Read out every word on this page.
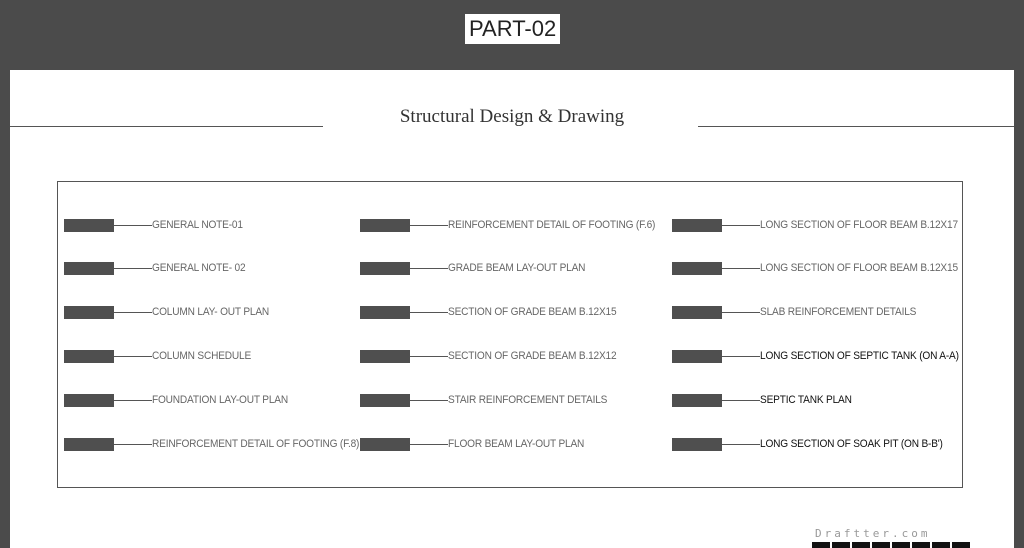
PART-02
Structural Design & Drawing
GENERAL NOTE-01
GENERAL NOTE- 02
COLUMN LAY- OUT PLAN
COLUMN SCHEDULE
FOUNDATION LAY-OUT PLAN
REINFORCEMENT DETAIL OF FOOTING (F.8)
REINFORCEMENT DETAIL OF FOOTING (F.6)
GRADE BEAM LAY-OUT PLAN
SECTION OF GRADE BEAM B.12X15
SECTION OF GRADE BEAM B.12X12
STAIR REINFORCEMENT DETAILS
FLOOR BEAM LAY-OUT PLAN
LONG SECTION OF FLOOR BEAM B.12X17
LONG SECTION OF FLOOR BEAM B.12X15
SLAB REINFORCEMENT DETAILS
LONG SECTION OF SEPTIC TANK (ON A-A)
SEPTIC TANK PLAN
LONG SECTION OF SOAK PIT (ON B-B')
Draftter.com
